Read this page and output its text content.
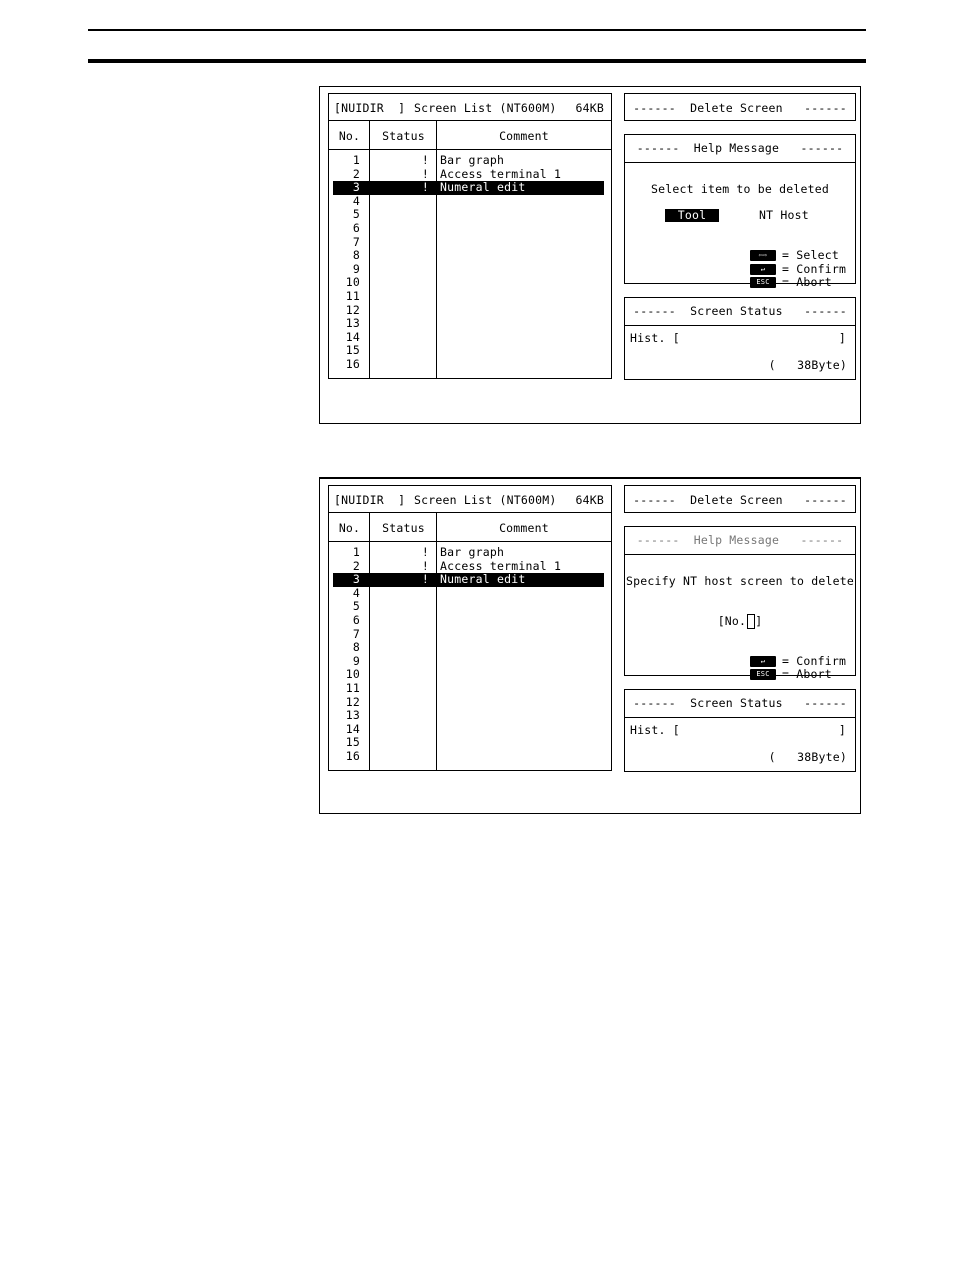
[NUIDIR  ] Screen List (NT600M) 64KB
No.	Status	Comment
1	! Bar graph
2	! Access terminal 1
3	! Numeral edit
4
5
6
7
8
9
10
11
12
13
14
15
16
------  Delete Screen   ------
------  Help Message   ------
Select item to be deleted
Tool	NT Host

⇦⇨ = Select

↵ = Confirm

ESC = Abort

------  Screen Status   ------
Hist. [	]
(   38Byte)
[NUIDIR  ] Screen List (NT600M) 64KB
No.	Status	Comment
1	! Bar graph
2	! Access terminal 1
3	! Numeral edit
4
5
6
7
8
9
10
11
12
13
14
15
16
------  Delete Screen   ------
------  Help Message   ------
Specify NT host screen to delete
[No. ]

↵ = Confirm

ESC = Abort

------  Screen Status   ------
Hist. [	]
(   38Byte)
